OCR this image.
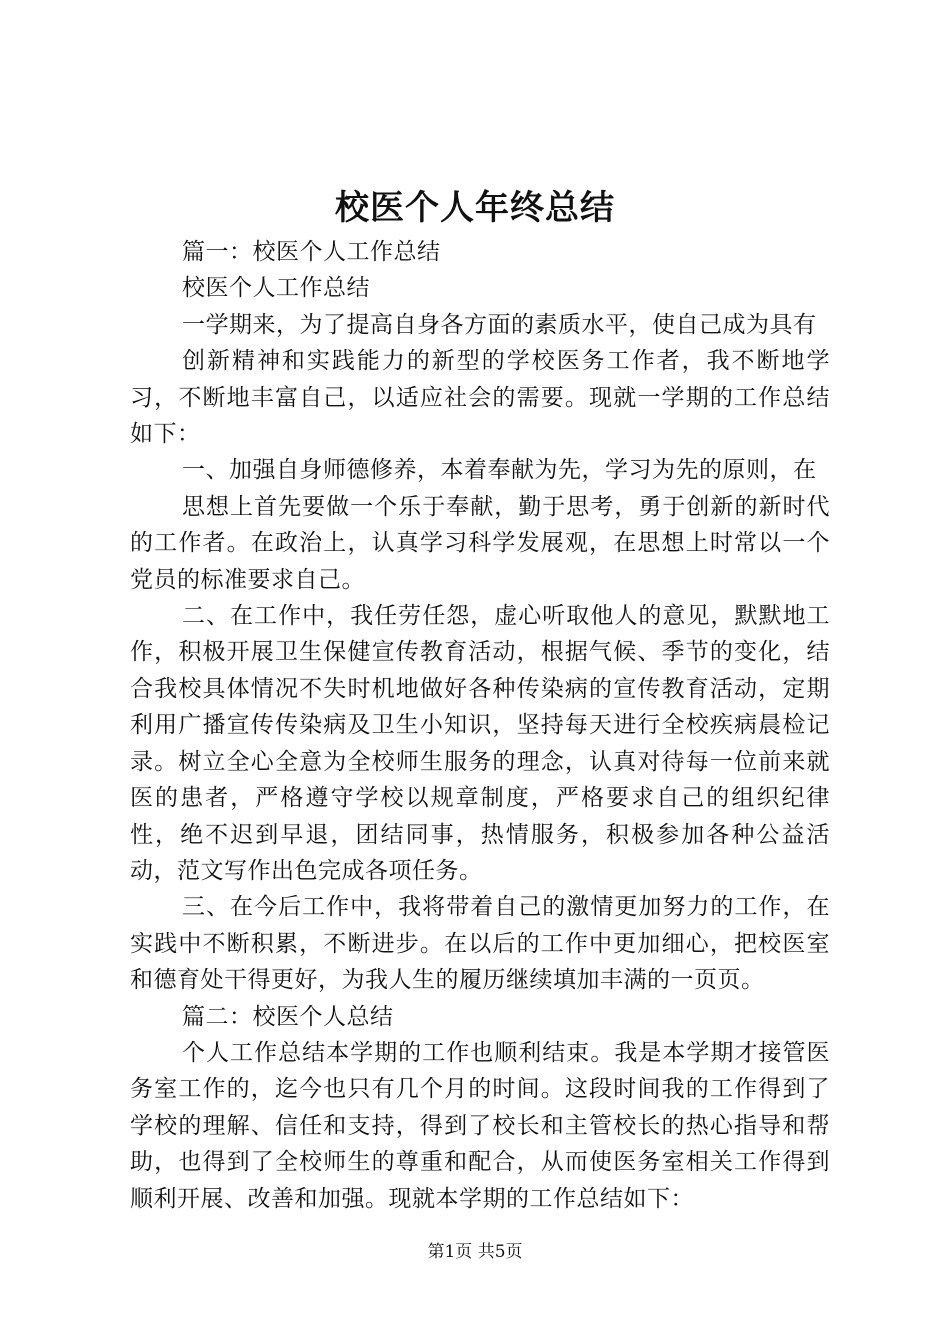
校医个人年终总结

篇一：校医个人工作总结

校医个人工作总结

一学期来，为了提高自身各方面的素质水平，使自己成为具有

创新精神和实践能力的新型的学校医务工作者，我不断地学习，不断地丰富自己，以适应社会的需要。现就一学期的工作总结如下：

一、加强自身师德修养，本着奉献为先，学习为先的原则，在

思想上首先要做一个乐于奉献，勤于思考，勇于创新的新时代的工作者。在政治上，认真学习科学发展观，在思想上时常以一个党员的标准要求自己。

二、在工作中，我任劳任怨，虚心听取他人的意见，默默地工作，积极开展卫生保健宣传教育活动，根据气候、季节的变化，结合我校具体情况不失时机地做好各种传染病的宣传教育活动，定期利用广播宣传传染病及卫生小知识，坚持每天进行全校疾病晨检记录。树立全心全意为全校师生服务的理念，认真对待每一位前来就医的患者，严格遵守学校以规章制度，严格要求自己的组织纪律性，绝不迟到早退，团结同事，热情服务，积极参加各种公益活动，范文写作出色完成各项任务。

三、在今后工作中，我将带着自己的激情更加努力的工作，在实践中不断积累，不断进步。在以后的工作中更加细心，把校医室和德育处干得更好，为我人生的履历继续填加丰满的一页页。

篇二：校医个人总结

个人工作总结本学期的工作也顺利结束。我是本学期才接管医务室工作的，迄今也只有几个月的时间。这段时间我的工作得到了学校的理解、信任和支持，得到了校长和主管校长的热心指导和帮助，也得到了全校师生的尊重和配合，从而使医务室相关工作得到顺利开展、改善和加强。现就本学期的工作总结如下：

第1页 共5页
